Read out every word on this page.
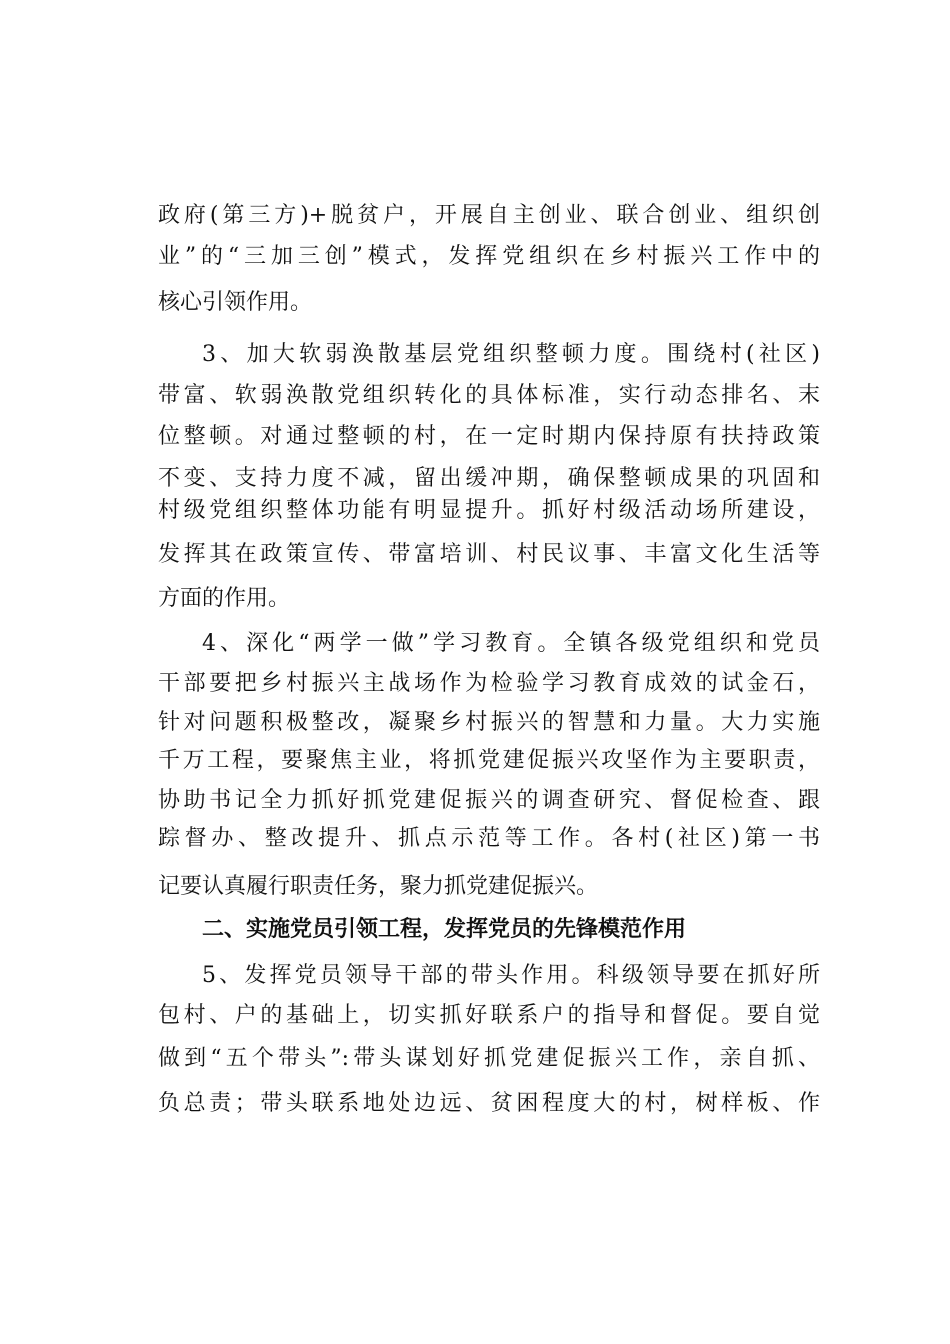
政府(第三方)+脱贫户，开展自主创业、联合创业、组织创
业”的“三加三创”模式，发挥党组织在乡村振兴工作中的
核心引领作用。
3、加大软弱涣散基层党组织整顿力度。围绕村(社区)
带富、软弱涣散党组织转化的具体标准，实行动态排名、末
位整顿。对通过整顿的村，在一定时期内保持原有扶持政策
不变、支持力度不减，留出缓冲期，确保整顿成果的巩固和
村级党组织整体功能有明显提升。抓好村级活动场所建设，
发挥其在政策宣传、带富培训、村民议事、丰富文化生活等
方面的作用。
4、深化“两学一做”学习教育。全镇各级党组织和党员
干部要把乡村振兴主战场作为检验学习教育成效的试金石，
针对问题积极整改，凝聚乡村振兴的智慧和力量。大力实施
千万工程，要聚焦主业，将抓党建促振兴攻坚作为主要职责，
协助书记全力抓好抓党建促振兴的调查研究、督促检查、跟
踪督办、整改提升、抓点示范等工作。各村(社区)第一书
记要认真履行职责任务，聚力抓党建促振兴。
二、实施党员引领工程，发挥党员的先锋模范作用
5、发挥党员领导干部的带头作用。科级领导要在抓好所
包村、户的基础上，切实抓好联系户的指导和督促。要自觉
做到“五个带头”:带头谋划好抓党建促振兴工作，亲自抓、
负总责；带头联系地处边远、贫困程度大的村，树样板、作
